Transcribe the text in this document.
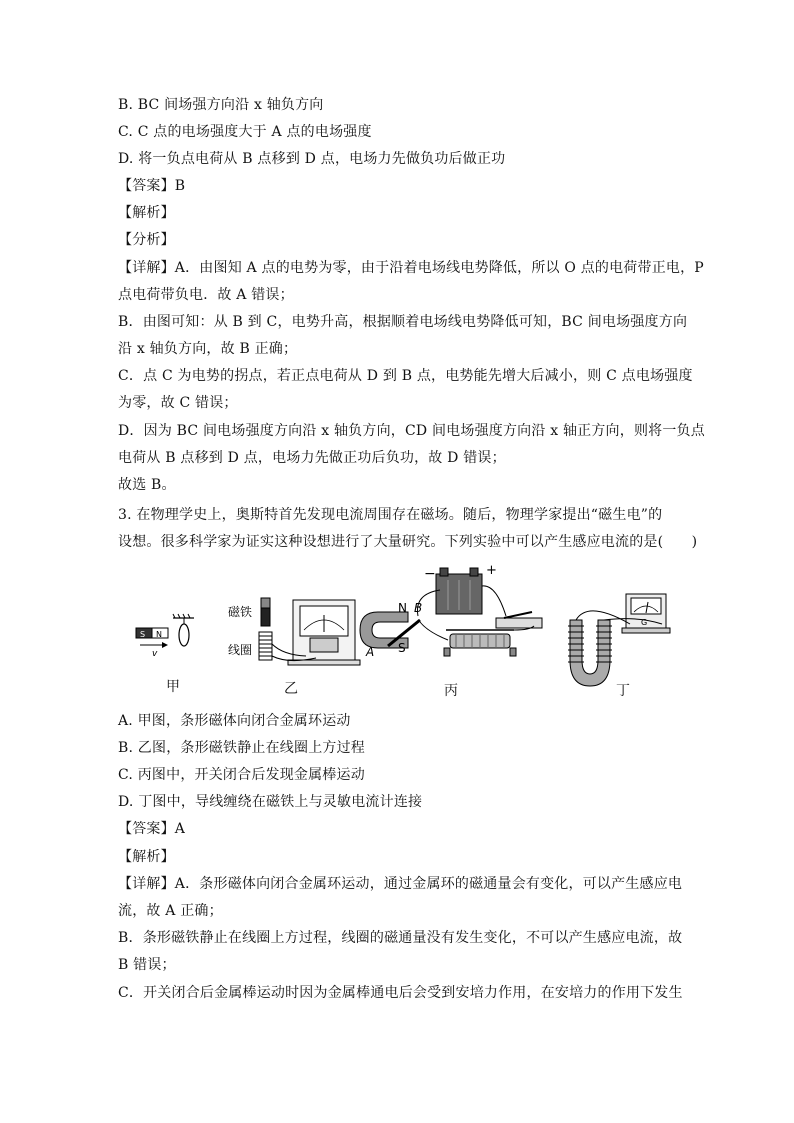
B. BC 间场强方向沿 x 轴负方向
C. C 点的电场强度大于 A 点的电场强度
D. 将一负点电荷从 B 点移到 D 点，电场力先做负功后做正功
【答案】B
【解析】
【分析】
【详解】A．由图知 A 点的电势为零，由于沿着电场线电势降低，所以 O 点的电荷带正电，P
点电荷带负电．故 A 错误；
B．由图可知：从 B 到 C，电势升高，根据顺着电场线电势降低可知，BC 间电场强度方向
沿 x 轴负方向，故 B 正确；
C．点 C 为电势的拐点，若正点电荷从 D 到 B 点，电势能先增大后减小，则 C 点电场强度
为零，故 C 错误；
D．因为 BC 间电场强度方向沿 x 轴负方向，CD 间电场强度方向沿 x 轴正方向，则将一负点
电荷从 B 点移到 D 点，电场力先做正功后负功，故 D 错误；
故选 B。
3. 在物理学史上，奥斯特首先发现电流周围存在磁场。随后，物理学家提出“磁生电”的
设想。很多科学家为证实这种设想进行了大量研究。下列实验中可以产生感应电流的是(　　)
S N
v
磁铁
线圈
−	+
N B
A S
G
甲	乙	丙	丁
A. 甲图，条形磁体向闭合金属环运动
B. 乙图，条形磁铁静止在线圈上方过程
C. 丙图中，开关闭合后发现金属棒运动
D. 丁图中，导线缠绕在磁铁上与灵敏电流计连接
【答案】A
【解析】
【详解】A．条形磁体向闭合金属环运动，通过金属环的磁通量会有变化，可以产生感应电
流，故 A 正确；
B．条形磁铁静止在线圈上方过程，线圈的磁通量没有发生变化，不可以产生感应电流，故
B 错误；
C．开关闭合后金属棒运动时因为金属棒通电后会受到安培力作用，在安培力的作用下发生
